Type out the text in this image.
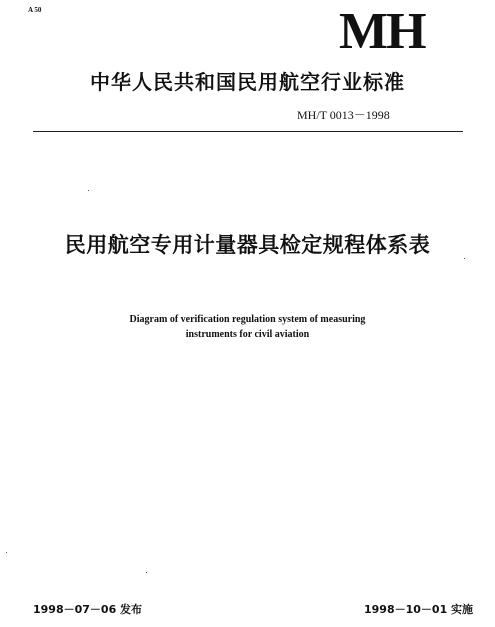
A 50	MH
中华人民共和国民用航空行业标准
MH/T 0013－1998
民用航空专用计量器具检定规程体系表
Diagram of verification regulation system of measuring
instruments for civil aviation
1998－07－06 发布	1998－10－01 实施
